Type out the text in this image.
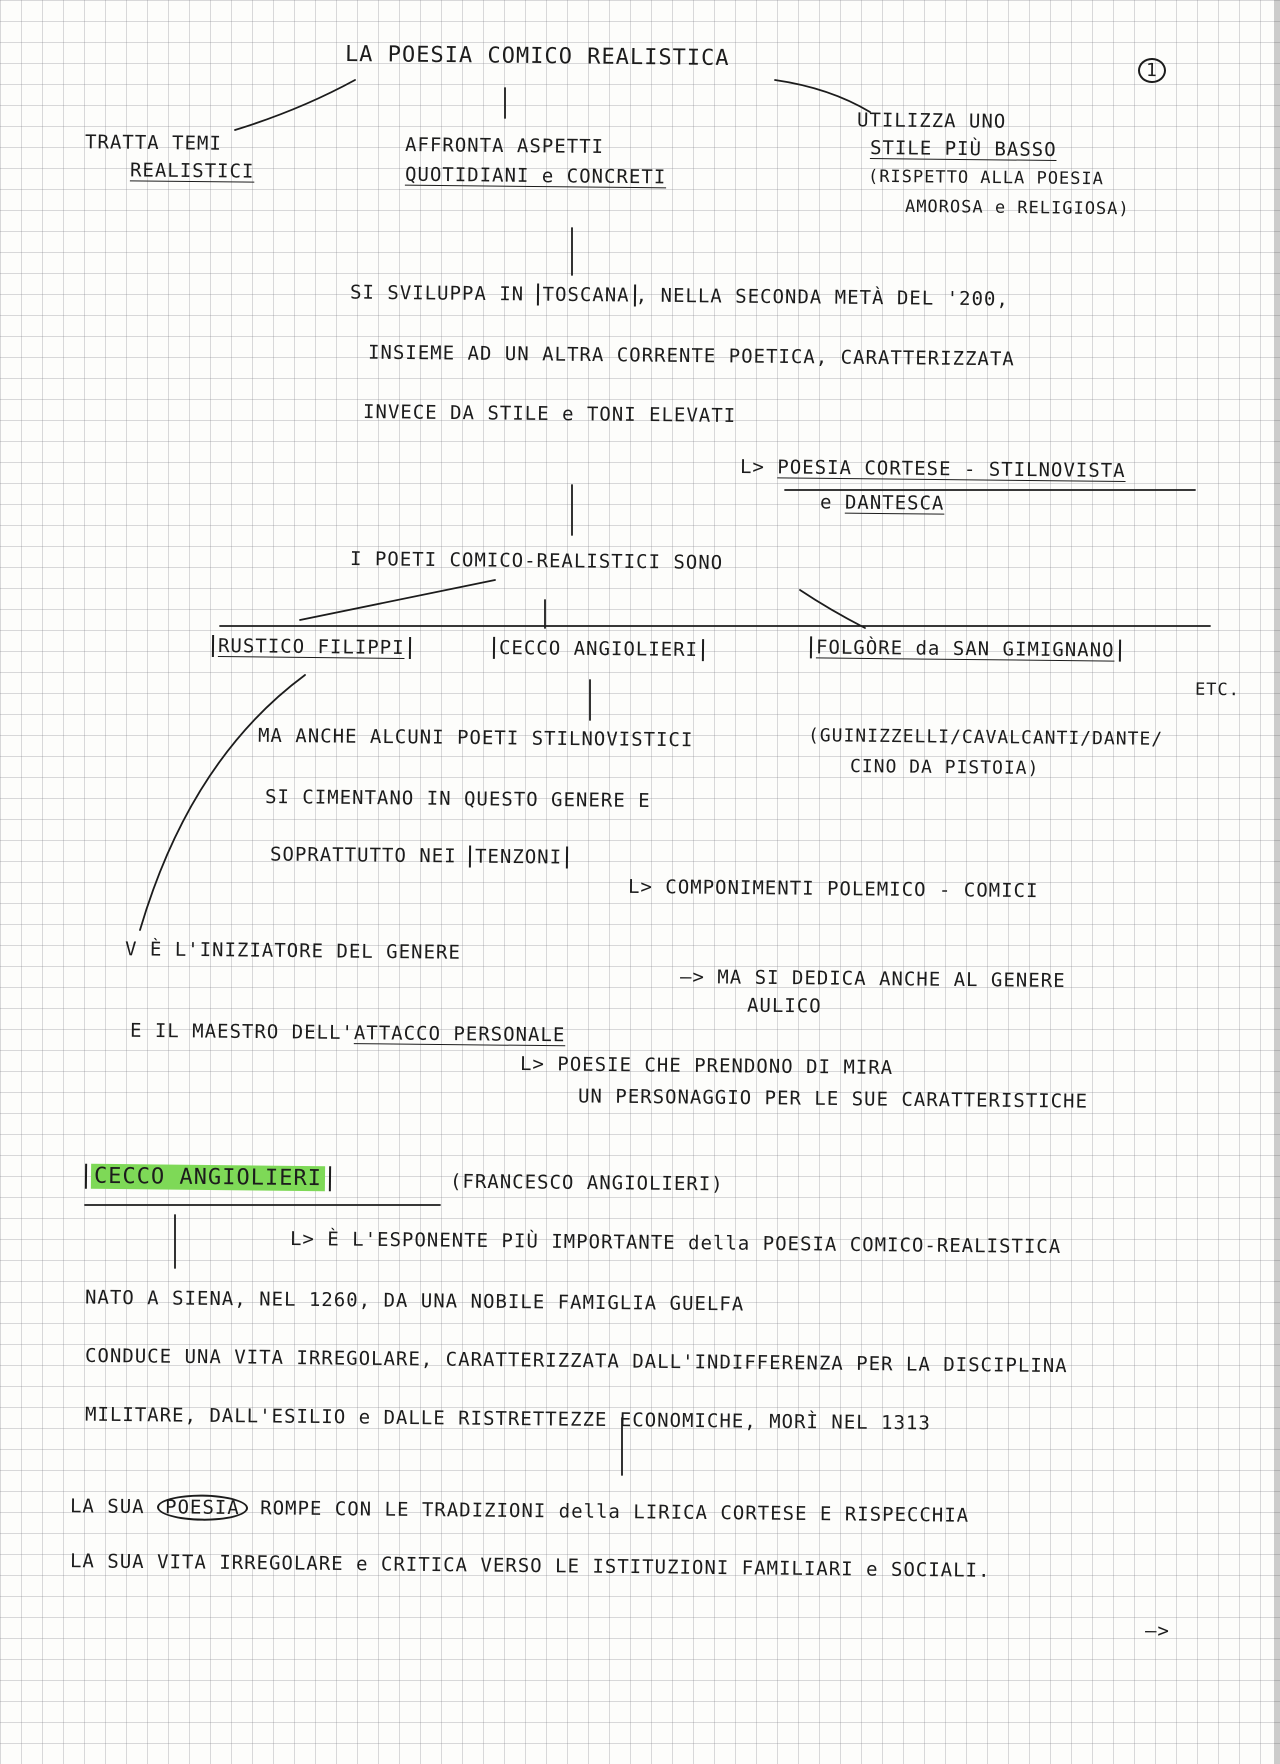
LA POESIA COMICO REALISTICA	1
TRATTA TEMI
REALISTICI
AFFRONTA ASPETTI
QUOTIDIANI e CONCRETI
UTILIZZA UNO
STILE PIÙ BASSO
(RISPETTO ALLA POESIA
AMOROSA e RELIGIOSA)
SI SVILUPPA IN TOSCANA , NELLA SECONDA METÀ DEL '200,
INSIEME AD UN ALTRA CORRENTE POETICA, CARATTERIZZATA
INVECE DA STILE e TONI ELEVATI
L> POESIA CORTESE - STILNOVISTA
e DANTESCA
I POETI COMICO-REALISTICI SONO
RUSTICO FILIPPI	CECCO ANGIOLIERI	FOLGÒRE da SAN GIMIGNANO
ETC.
MA ANCHE ALCUNI POETI STILNOVISTICI	(GUINIZZELLI/CAVALCANTI/DANTE/
CINO DA PISTOIA)
SI CIMENTANO IN QUESTO GENERE E
SOPRATTUTTO NEI TENZONI
L> COMPONIMENTI POLEMICO - COMICI
V È L'INIZIATORE DEL GENERE
—> MA SI DEDICA ANCHE AL GENERE
AULICO
E IL MAESTRO DELL'ATTACCO PERSONALE
L> POESIE CHE PRENDONO DI MIRA
UN PERSONAGGIO PER LE SUE CARATTERISTICHE
CECCO ANGIOLIERI	(FRANCESCO ANGIOLIERI)
L> È L'ESPONENTE PIÙ IMPORTANTE della POESIA COMICO-REALISTICA
NATO A SIENA, NEL 1260, DA UNA NOBILE FAMIGLIA GUELFA
CONDUCE UNA VITA IRREGOLARE, CARATTERIZZATA DALL'INDIFFERENZA PER LA DISCIPLINA
MILITARE, DALL'ESILIO e DALLE RISTRETTEZZE ECONOMICHE, MORÌ NEL 1313
LA SUA POESIA ROMPE CON LE TRADIZIONI della LIRICA CORTESE E RISPECCHIA
LA SUA VITA IRREGOLARE e CRITICA VERSO LE ISTITUZIONI FAMILIARI e SOCIALI.
—>
